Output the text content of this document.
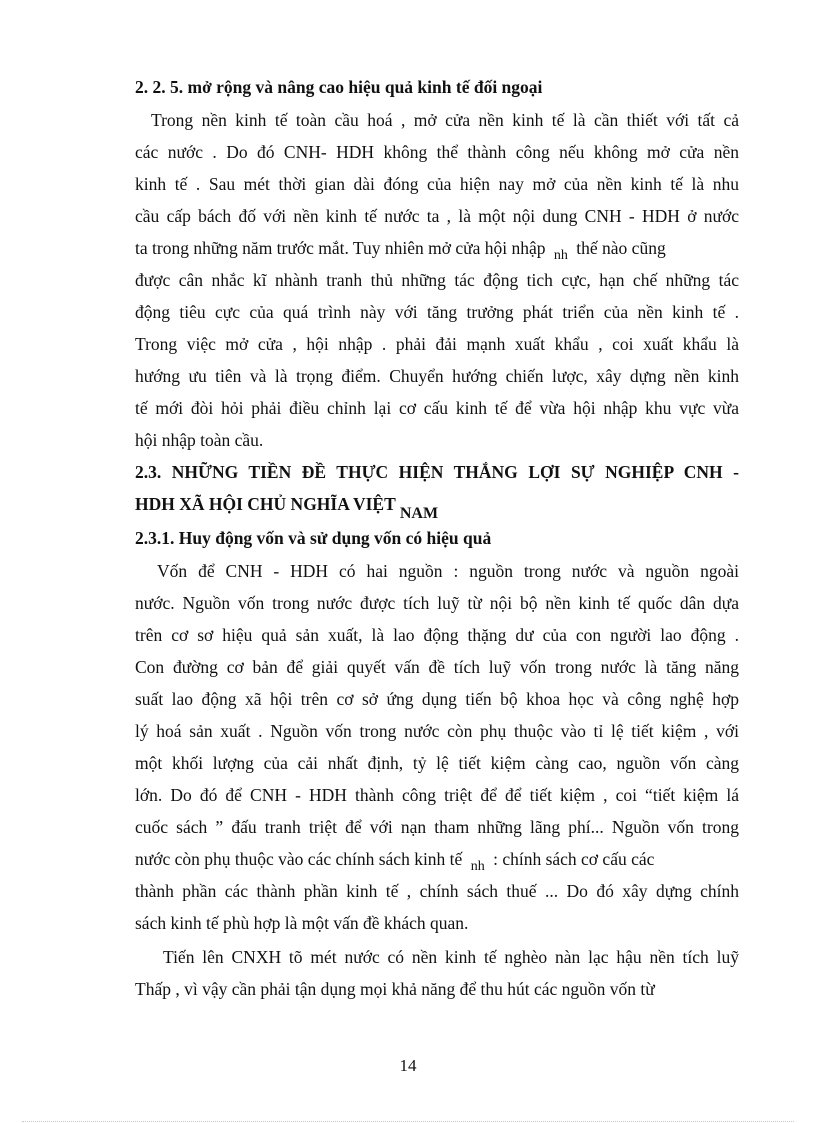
2. 2. 5. mở rộng và nâng cao hiệu quả kinh tế đối ngoại
Trong nền kinh tế toàn cầu hoá , mở cửa nền kinh tế là cần thiết với tất cả
các nước . Do đó CNH- HDH không thể thành công nếu không mở cửa nền
kinh tế . Sau mét thời gian dài đóng của hiện nay mở của nền kinh tế là nhu
cầu cấp bách đố với nền kinh tế nước ta , là một nội dung CNH - HDH ở nước
ta trong những năm trước mắt. Tuy nhiên mở cửa hội nhập $_{nh}$ thế nào cũng
được cân nhắc kĩ nhành tranh thủ những tác động tich cực, hạn chế những tác
động tiêu cực của quá trình này với tăng trưởng phát triển của nền kinh tế .
Trong việc mở cửa , hội nhập . phải đải mạnh xuất khẩu , coi xuất khẩu là
hướng ưu tiên và là trọng điểm. Chuyển hướng chiến lược, xây dựng nền kinh
tế mới đòi hỏi phải điều chỉnh lại cơ cấu kinh tế để vừa hội nhập khu vực vừa
hội nhập toàn cầu.
2.3. NHỮNG TIỀN ĐỀ THỰC HIỆN THẮNG LỢI SỰ NGHIỆP CNH -
HDH XÃ HỘI CHỦ NGHĨA VIỆT NAM
2.3.1. Huy động vốn và sử dụng vốn có hiệu quả
Vốn để CNH - HDH có hai nguồn : nguồn trong nước và nguồn ngoài
nước. Nguồn vốn trong nước được tích luỹ từ nội bộ nền kinh tế quốc dân dựa
trên cơ sơ hiệu quả sản xuất, là lao động thặng dư của con người lao động .
Con đường cơ bản để giải quyết vấn đề tích luỹ vốn trong nước là tăng năng
suất lao động xã hội trên cơ sở ứng dụng tiến bộ khoa học và công nghệ hợp
lý hoá sản xuất . Nguồn vốn trong nước còn phụ thuộc vào tỉ lệ tiết kiệm , với
một khối lượng của cải nhất định, tỷ lệ tiết kiệm càng cao, nguồn vốn càng
lớn. Do đó để CNH - HDH thành công triệt để để tiết kiệm , coi “tiết kiệm lá
cuốc sách ” đấu tranh triệt để với nạn tham những lãng phí... Nguồn vốn trong
nước còn phụ thuộc vào các chính sách kinh tế $_{nh}$ : chính sách cơ cấu các
thành phần các thành phần kinh tế , chính sách thuế ... Do đó xây dựng chính
sách kinh tế phù hợp là một vấn đề khách quan.
Tiến lên CNXH tõ mét nước có nền kinh tế nghèo nàn lạc hậu nền tích luỹ
Thấp , vì vậy cần phải tận dụng mọi khả năng để thu hút các nguồn vốn từ
14
